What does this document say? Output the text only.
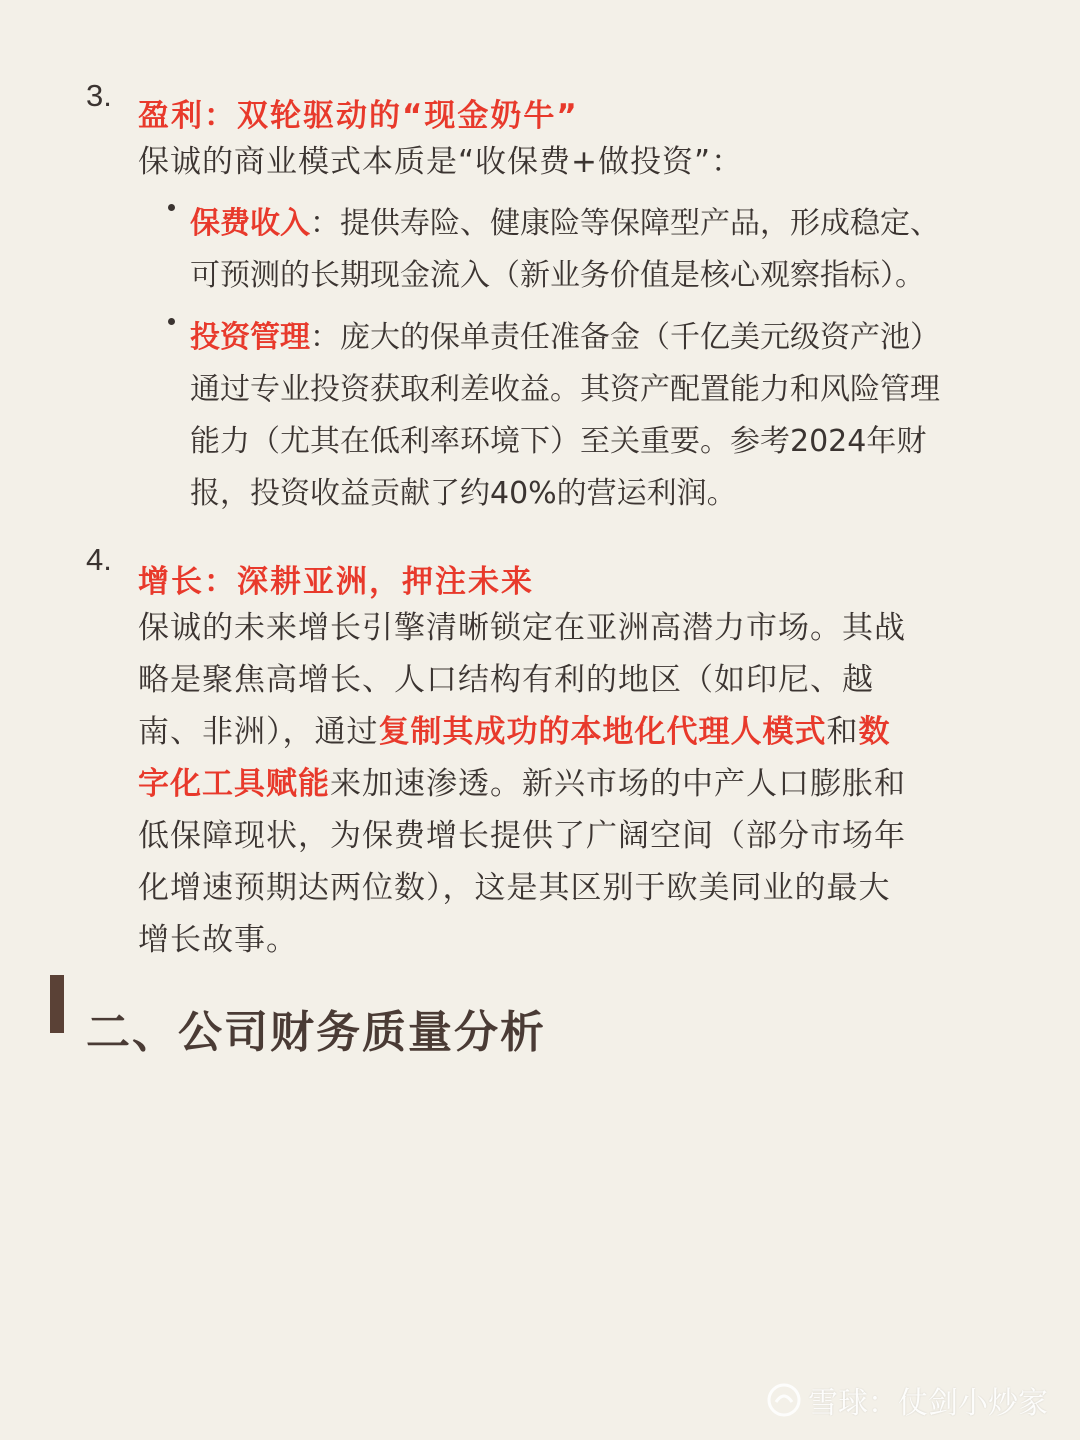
3.
盈利：双轮驱动的“现金奶牛”
保诚的商业模式本质是“收保费+做投资”：
保费收入：提供寿险、健康险等保障型产品，形成稳定、
可预测的长期现金流入（新业务价值是核心观察指标）。
投资管理：庞大的保单责任准备金（千亿美元级资产池）
通过专业投资获取利差收益。其资产配置能力和风险管理
能力（尤其在低利率环境下）至关重要。参考2024年财
报，投资收益贡献了约40%的营运利润。
4.
增长：深耕亚洲，押注未来
保诚的未来增长引擎清晰锁定在亚洲高潜力市场。其战
略是聚焦高增长、人口结构有利的地区（如印尼、越
南、非洲），通过复制其成功的本地化代理人模式和数
字化工具赋能来加速渗透。新兴市场的中产人口膨胀和
低保障现状，为保费增长提供了广阔空间（部分市场年
化增速预期达两位数），这是其区别于欧美同业的最大
增长故事。
二、公司财务质量分析
雪球：仗剑小炒家
